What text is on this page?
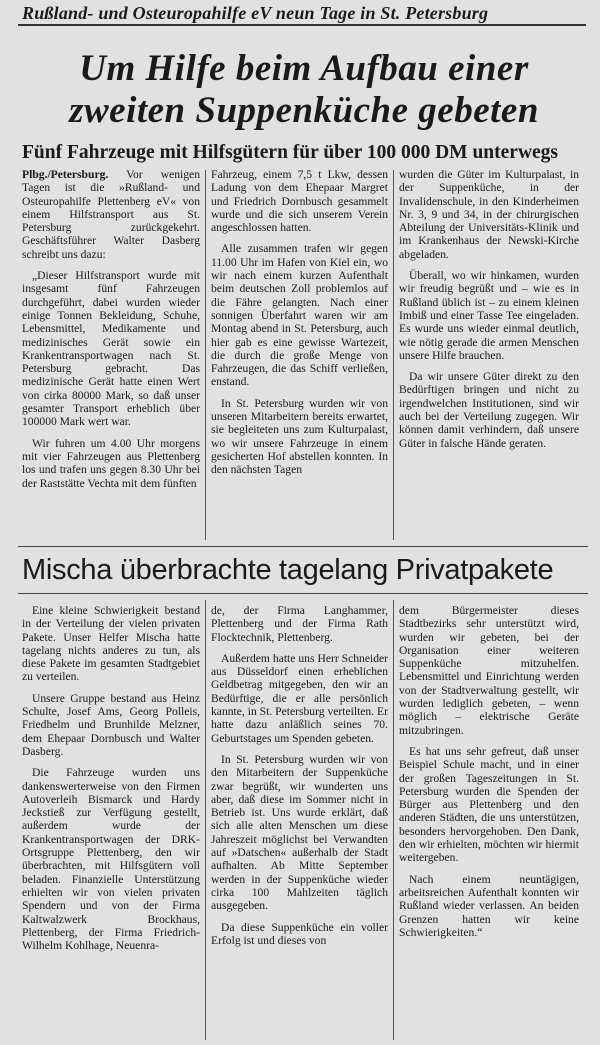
Rußland- und Osteuropahilfe eV neun Tage in St. Petersburg
Um Hilfe beim Aufbau einer zweiten Suppenküche gebeten
Fünf Fahrzeuge mit Hilfsgütern für über 100 000 DM unterwegs

Plbg./Petersburg. Vor wenigen Tagen ist die »Rußland- und Osteuropahilfe Plettenberg eV« von einem Hilfstransport aus St. Petersburg zurückgekehrt. Geschäftsführer Walter Dasberg schreibt uns dazu:

„Dieser Hilfstransport wurde mit insgesamt fünf Fahrzeugen durchgeführt, dabei wurden wieder einige Tonnen Bekleidung, Schuhe, Lebensmittel, Medikamente und medizinisches Gerät sowie ein Krankentransportwagen nach St. Petersburg gebracht. Das medizinische Gerät hatte einen Wert von cirka 80000 Mark, so daß unser gesamter Transport erheblich über 100000 Mark wert war.

Wir fuhren um 4.00 Uhr morgens mit vier Fahrzeugen aus Plettenberg los und trafen uns gegen 8.30 Uhr bei der Raststätte Vechta mit dem fünften

Fahrzeug, einem 7,5 t Lkw, dessen Ladung von dem Ehepaar Margret und Friedrich Dornbusch gesammelt wurde und die sich unserem Verein angeschlossen hatten.

Alle zusammen trafen wir gegen 11.00 Uhr im Hafen von Kiel ein, wo wir nach einem kurzen Aufenthalt beim deutschen Zoll problemlos auf die Fähre gelangten. Nach einer sonnigen Überfahrt waren wir am Montag abend in St. Petersburg, auch hier gab es eine gewisse Wartezeit, die durch die große Menge von Fahrzeugen, die das Schiff verließen, enstand.

In St. Petersburg wurden wir von unseren Mitarbeitern bereits erwartet, sie begleiteten uns zum Kulturpalast, wo wir unsere Fahrzeuge in einem gesicherten Hof abstellen konnten. In den nächsten Tagen

wurden die Güter im Kulturpalast, in der Suppenküche, in der Invalidenschule, in den Kinderheimen Nr. 3, 9 und 34, in der chirurgischen Abteilung der Universitäts-Klinik und im Krankenhaus der Newski-Kirche abgeladen.

Überall, wo wir hinkamen, wurden wir freudig begrüßt und – wie es in Rußland üblich ist – zu einem kleinen Imbiß und einer Tasse Tee eingeladen. Es wurde uns wieder einmal deutlich, wie nötig gerade die armen Menschen unsere Hilfe brauchen.

Da wir unsere Güter direkt zu den Bedürftigen bringen und nicht zu irgendwelchen Institutionen, sind wir auch bei der Verteilung zugegen. Wir können damit verhindern, daß unsere Güter in falsche Hände geraten.

Mischa überbrachte tagelang Privatpakete

Eine kleine Schwierigkeit bestand in der Verteilung der vielen privaten Pakete. Unser Helfer Mischa hatte tagelang nichts anderes zu tun, als diese Pakete im gesamten Stadtgebiet zu verteilen.

Unsere Gruppe bestand aus Heinz Schulte, Josef Ams, Georg Polleis, Friedhelm und Brunhilde Melzner, dem Ehepaar Dornbusch und Walter Dasberg.

Die Fahrzeuge wurden uns dankenswerterweise von den Firmen Autoverleih Bismarck und Hardy Jeckstieß zur Verfügung gestellt, außerdem wurde der Krankentransportwagen der DRK-Ortsgruppe Plettenberg, den wir überbrachten, mit Hilfsgütern voll beladen. Finanzielle Unterstützung erhielten wir von vielen privaten Spendern und von der Firma Kaltwalzwerk Brockhaus, Plettenberg, der Firma Friedrich-Wilhelm Kohlhage, Neuenra-

de, der Firma Langhammer, Plettenberg und der Firma Rath Flocktechnik, Plettenberg.

Außerdem hatte uns Herr Schneider aus Düsseldorf einen erheblichen Geldbetrag mitgegeben, den wir an Bedürftige, die er alle persönlich kannte, in St. Petersburg verteilten. Er hatte dazu anläßlich seines 70. Geburtstages um Spenden gebeten.

In St. Petersburg wurden wir von den Mitarbeitern der Suppenküche zwar begrüßt, wir wunderten uns aber, daß diese im Sommer nicht in Betrieb ist. Uns wurde erklärt, daß sich alle alten Menschen um diese Jahreszeit möglichst bei Verwandten auf »Datschen« außerhalb der Stadt aufhalten. Ab Mitte September werden in der Suppenküche wieder cirka 100 Mahlzeiten täglich ausgegeben.

Da diese Suppenküche ein voller Erfolg ist und dieses von

dem Bürgermeister dieses Stadtbezirks sehr unterstützt wird, wurden wir gebeten, bei der Organisation einer weiteren Suppenküche mitzuhelfen. Lebensmittel und Einrichtung werden von der Stadtverwaltung gestellt, wir wurden lediglich gebeten, – wenn möglich – elektrische Geräte mitzubringen.

Es hat uns sehr gefreut, daß unser Beispiel Schule macht, und in einer der großen Tageszeitungen in St. Petersburg wurden die Spenden der Bürger aus Plettenberg und den anderen Städten, die uns unterstützen, besonders hervorgehoben. Den Dank, den wir erhielten, möchten wir hiermit weitergeben.

Nach einem neuntägigen, arbeitsreichen Aufenthalt konnten wir Rußland wieder verlassen. An beiden Grenzen hatten wir keine Schwierigkeiten.“
